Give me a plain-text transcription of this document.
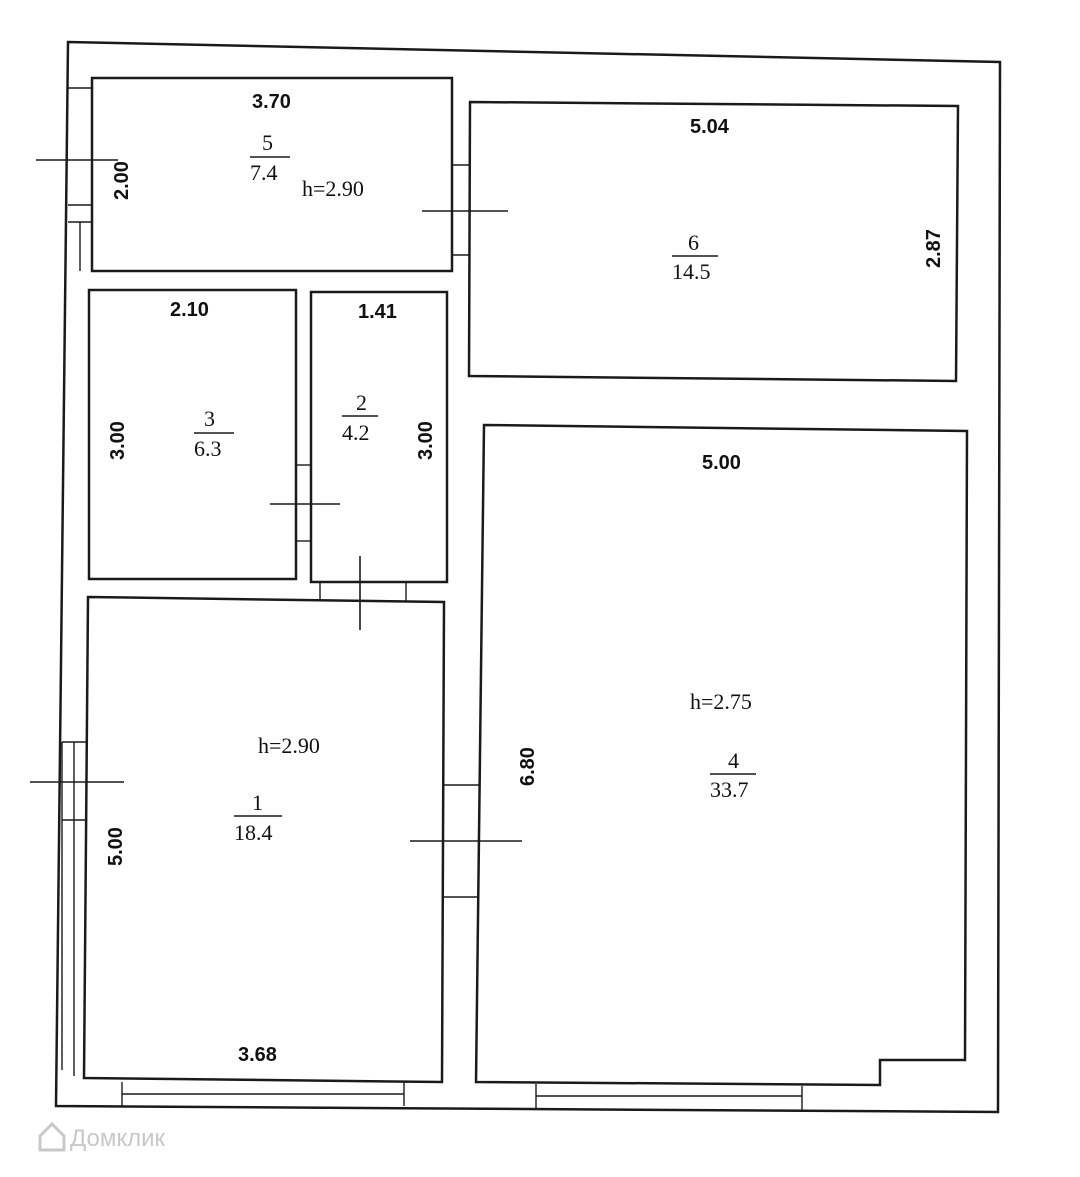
3.70
2.00
5
7.4
h=2.90
5.04
2.87
6
14.5
2.10
3.00
3
6.3
1.41
3.00
2
4.2
5.00
6.80
h=2.75
4
33.7
h=2.90
1
18.4
5.00
3.68
Домклик
